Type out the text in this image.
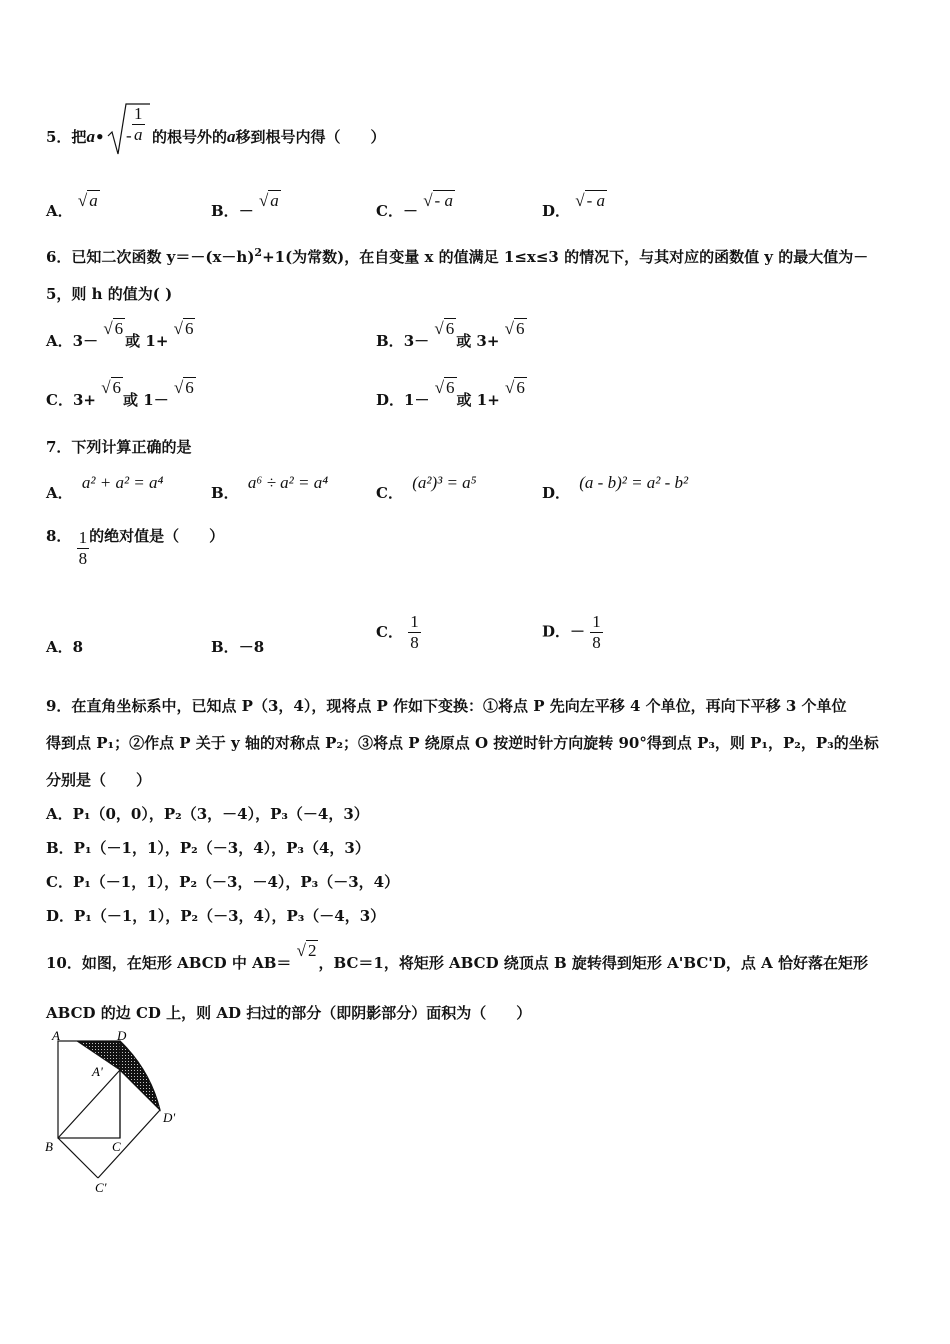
5．把a• - $\frac{1}{a}$ 的根号外的a移到根号内得（　　）
A． √ a
B．－ √ a
C．－ √ - a
D． √ - a
6．已知二次函数 $y=-(x-h)^2+1$(为常数)，在自变量 x 的值满足 1≤x≤3 的情况下，与其对应的函数值 y 的最大值为－
5，则 h 的值为( )
A．3－ √ 6或 1+ √ 6
B．3－ √ 6或 3+ √ 6
C．3+ √ 6或 1－ √ 6
D．1－ √ 6或 1+ √ 6
7．下列计算正确的是
A． a² + a² = a⁴
B． a⁶ ÷ a² = a⁴
C． (a²)³ = a⁵
D． (a - b)² = a² - b²
8． $\frac{1}{8}$ 的绝对值是（　　）
A．8	B．－8
C． $\frac{1}{8}$	D．－ $\frac{1}{8}$
9．在直角坐标系中，已知点 P（3，4），现将点 P 作如下变换：①将点 P 先向左平移 4 个单位，再向下平移 3 个单位
得到点 P₁；②作点 P 关于 y 轴的对称点 P₂；③将点 P 绕原点 O 按逆时针方向旋转 90°得到点 P₃，则 P₁，P₂，P₃的坐标
分别是（　　）
A．P₁（0，0），P₂（3，－4），P₃（－4，3）
B．P₁（－1，1），P₂（－3，4），P₃（4，3）
C．P₁（－1，1），P₂（－3，－4），P₃（－3，4）
D．P₁（－1，1），P₂（－3，4），P₃（－4，3）
10．如图，在矩形 ABCD 中 AB＝ √ 2，BC＝1，将矩形 ABCD 绕顶点 B 旋转得到矩形 A'BC'D，点 A 恰好落在矩形
ABCD 的边 CD 上，则 AD 扫过的部分（即阴影部分）面积为（　　）
A	D
A'
D'
B	C
C'
